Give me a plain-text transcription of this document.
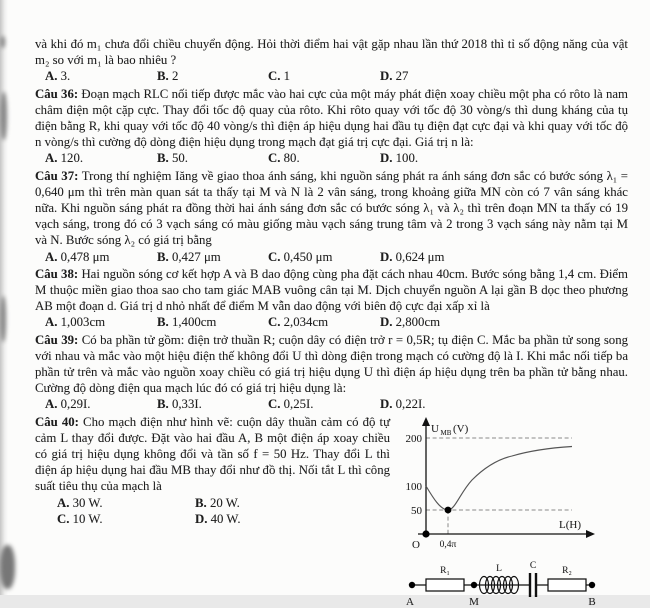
và khi đó m₁ chưa đổi chiều chuyển động. Hỏi thời điểm hai vật gặp nhau lần thứ 2018 thì tỉ số động năng của vật m₂ so với m₁ là bao nhiêu ?

A. 3.	B. 2	C. 1	D. 27

Câu 36: Đoạn mạch RLC nối tiếp được mắc vào hai cực của một máy phát điện xoay chiều một pha có rôto là nam châm điện một cặp cực. Thay đổi tốc độ quay của rôto. Khi rôto quay với tốc độ 30 vòng/s thì dung kháng của tụ điện bằng R, khi quay với tốc độ 40 vòng/s thì điện áp hiệu dụng hai đầu tụ điện đạt cực đại và khi quay với tốc độ n vòng/s thì cường độ dòng điện hiệu dụng trong mạch đạt giá trị cực đại. Giá trị n là:

A. 120.	B. 50.	C. 80.	D. 100.

Câu 37: Trong thí nghiệm Iăng về giao thoa ánh sáng, khi nguồn sáng phát ra ánh sáng đơn sắc có bước sóng λ₁ = 0,640 μm thì trên màn quan sát ta thấy tại M và N là 2 vân sáng, trong khoảng giữa MN còn có 7 vân sáng khác nữa. Khi nguồn sáng phát ra đồng thời hai ánh sáng đơn sắc có bước sóng λ₁ và λ₂ thì trên đoạn MN ta thấy có 19 vạch sáng, trong đó có 3 vạch sáng có màu giống màu vạch sáng trung tâm và 2 trong 3 vạch sáng này nằm tại M và N. Bước sóng λ₂ có giá trị bằng

A. 0,478 μm	B. 0,427 μm	C. 0,450 μm	D. 0,624 μm

Câu 38: Hai nguồn sóng cơ kết hợp A và B dao động cùng pha đặt cách nhau 40cm. Bước sóng bằng 1,4 cm. Điểm M thuộc miền giao thoa sao cho tam giác MAB vuông cân tại M. Dịch chuyển nguồn A lại gần B dọc theo phương AB một đoạn d. Giá trị d nhỏ nhất để điểm M vẫn dao động với biên độ cực đại xấp xỉ là

A. 1,003cm	B. 1,400cm	C. 2,034cm	D. 2,800cm

Câu 39: Có ba phần tử gồm: điện trở thuần R; cuộn dây có điện trở r = 0,5R; tụ điện C. Mắc ba phần tử song song với nhau và mắc vào một hiệu điện thế không đổi U thì dòng điện trong mạch có cường độ là I. Khi mắc nối tiếp ba phần tử trên và mắc vào nguồn xoay chiều có giá trị hiệu dụng U thì điện áp hiệu dụng trên ba phần tử bằng nhau. Cường độ dòng điện qua mạch lúc đó có giá trị hiệu dụng là:

A. 0,29I.	B. 0,33I.	C. 0,25I.	D. 0,22I.
200
100
50
O
U MB (V)
L(H)
0,4π
R₁	L	C	R₂
A	M	B

Câu 40: Cho mạch điện như hình vẽ: cuộn dây thuần cảm có độ tự cảm L thay đổi được. Đặt vào hai đầu A, B một điện áp xoay chiều có giá trị hiệu dụng không đổi và tần số f = 50 Hz. Thay đổi L thì điện áp hiệu dụng hai đầu MB thay đổi như đồ thị. Nối tắt L thì công suất tiêu thụ của mạch là

A. 30 W.	B. 20 W.
C. 10 W.	D. 40 W.
